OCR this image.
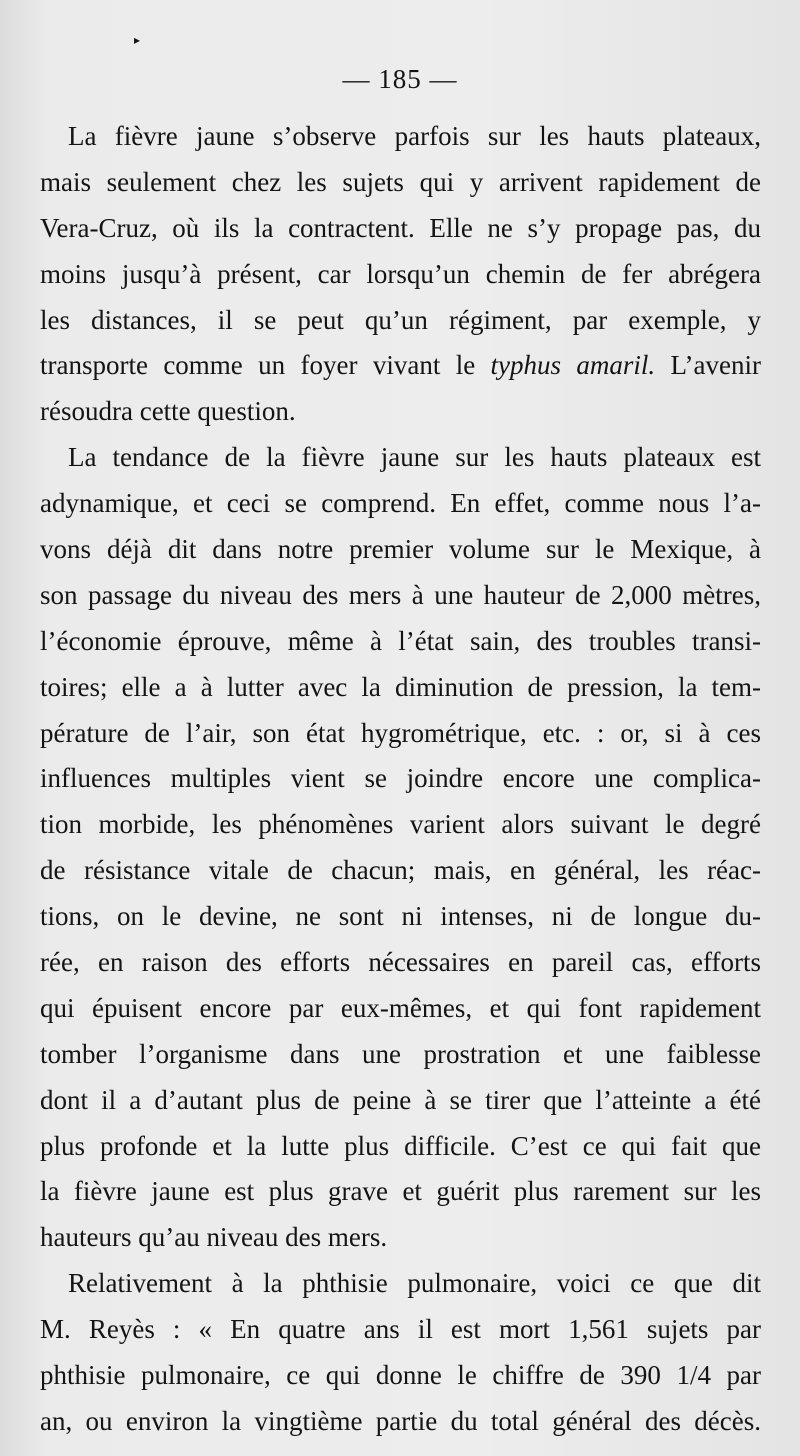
▸
— 185 —
La fièvre jaune s’observe parfois sur les hauts plateaux,
mais seulement chez les sujets qui y arrivent rapidement de
Vera-Cruz, où ils la contractent. Elle ne s’y propage pas, du
moins jusqu’à présent, car lorsqu’un chemin de fer abrégera
les distances, il se peut qu’un régiment, par exemple, y
transporte comme un foyer vivant le typhus amaril. L’avenir
résoudra cette question.
La tendance de la fièvre jaune sur les hauts plateaux est
adynamique, et ceci se comprend. En effet, comme nous l’a-
vons déjà dit dans notre premier volume sur le Mexique, à
son passage du niveau des mers à une hauteur de 2,000 mètres,
l’économie éprouve, même à l’état sain, des troubles transi-
toires; elle a à lutter avec la diminution de pression, la tem-
pérature de l’air, son état hygrométrique, etc. : or, si à ces
influences multiples vient se joindre encore une complica-
tion morbide, les phénomènes varient alors suivant le degré
de résistance vitale de chacun; mais, en général, les réac-
tions, on le devine, ne sont ni intenses, ni de longue du-
rée, en raison des efforts nécessaires en pareil cas, efforts
qui épuisent encore par eux-mêmes, et qui font rapidement
tomber l’organisme dans une prostration et une faiblesse
dont il a d’autant plus de peine à se tirer que l’atteinte a été
plus profonde et la lutte plus difficile. C’est ce qui fait que
la fièvre jaune est plus grave et guérit plus rarement sur les
hauteurs qu’au niveau des mers.
Relativement à la phthisie pulmonaire, voici ce que dit
M. Reyès : « En quatre ans il est mort 1,561 sujets par
phthisie pulmonaire, ce qui donne le chiffre de 390 1/4 par
an, ou environ la vingtième partie du total général des décès.
